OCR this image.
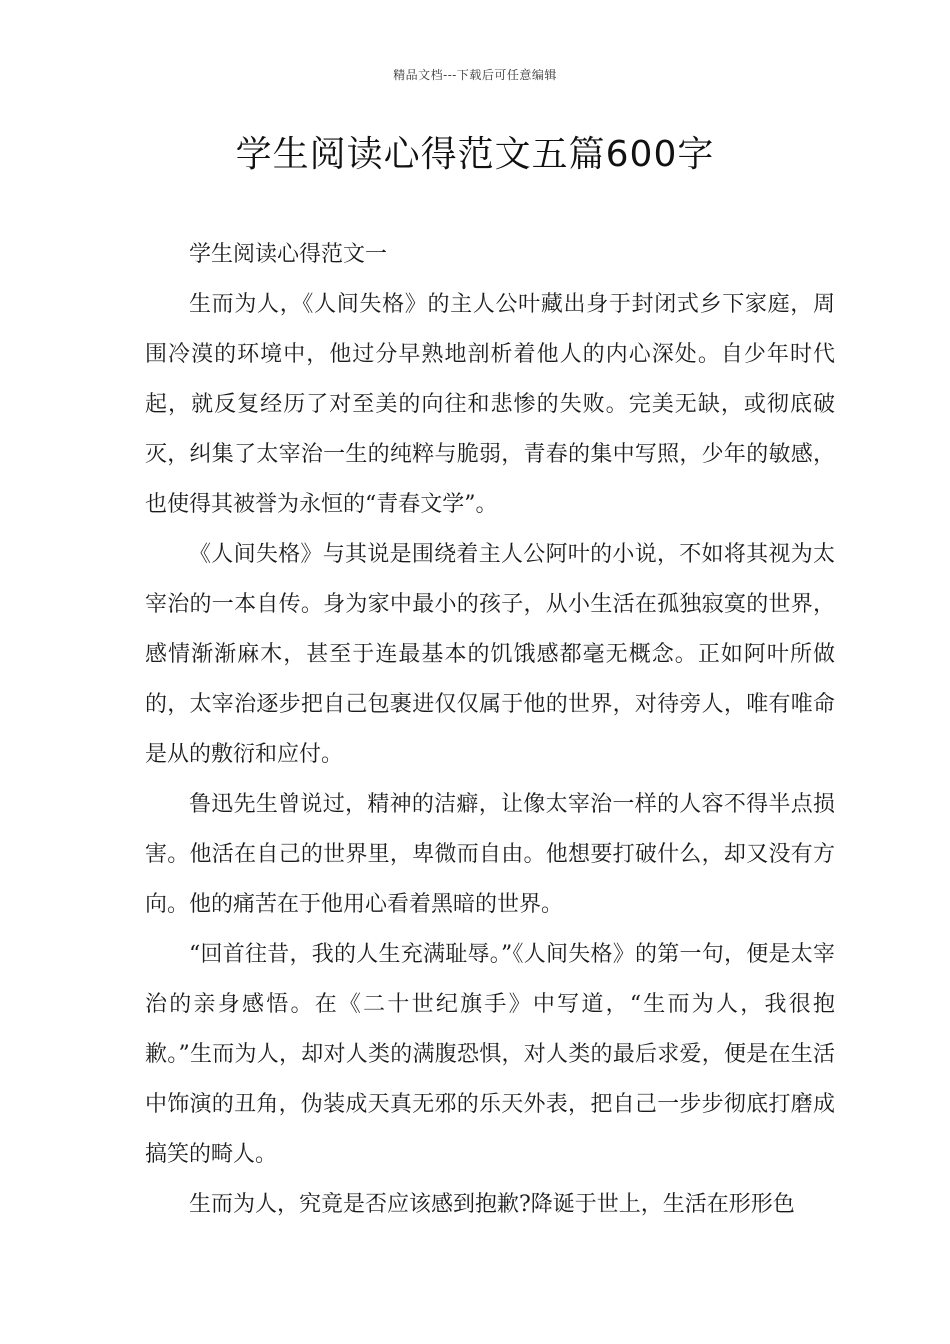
精品文档---下载后可任意编辑
学生阅读心得范文五篇600字

学生阅读心得范文一

生而为人，《人间失格》的主人公叶藏出身于封闭式乡下家庭，周围冷漠的环境中，他过分早熟地剖析着他人的内心深处。自少年时代起，就反复经历了对至美的向往和悲惨的失败。完美无缺，或彻底破灭，纠集了太宰治一生的纯粹与脆弱，青春的集中写照，少年的敏感，也使得其被誉为永恒的“青春文学”。

《人间失格》与其说是围绕着主人公阿叶的小说，不如将其视为太宰治的一本自传。身为家中最小的孩子，从小生活在孤独寂寞的世界，感情渐渐麻木，甚至于连最基本的饥饿感都毫无概念。正如阿叶所做的，太宰治逐步把自己包裹进仅仅属于他的世界，对待旁人，唯有唯命是从的敷衍和应付。

鲁迅先生曾说过，精神的洁癖，让像太宰治一样的人容不得半点损害。他活在自己的世界里，卑微而自由。他想要打破什么，却又没有方向。他的痛苦在于他用心看着黑暗的世界。

“回首往昔，我的人生充满耻辱。”《人间失格》的第一句，便是太宰治的亲身感悟。在《二十世纪旗手》中写道，“生而为人，我很抱歉。”生而为人，却对人类的满腹恐惧，对人类的最后求爱，便是在生活中饰演的丑角，伪装成天真无邪的乐天外表，把自己一步步彻底打磨成搞笑的畸人。

生而为人，究竟是否应该感到抱歉?降诞于世上，生活在形形色
